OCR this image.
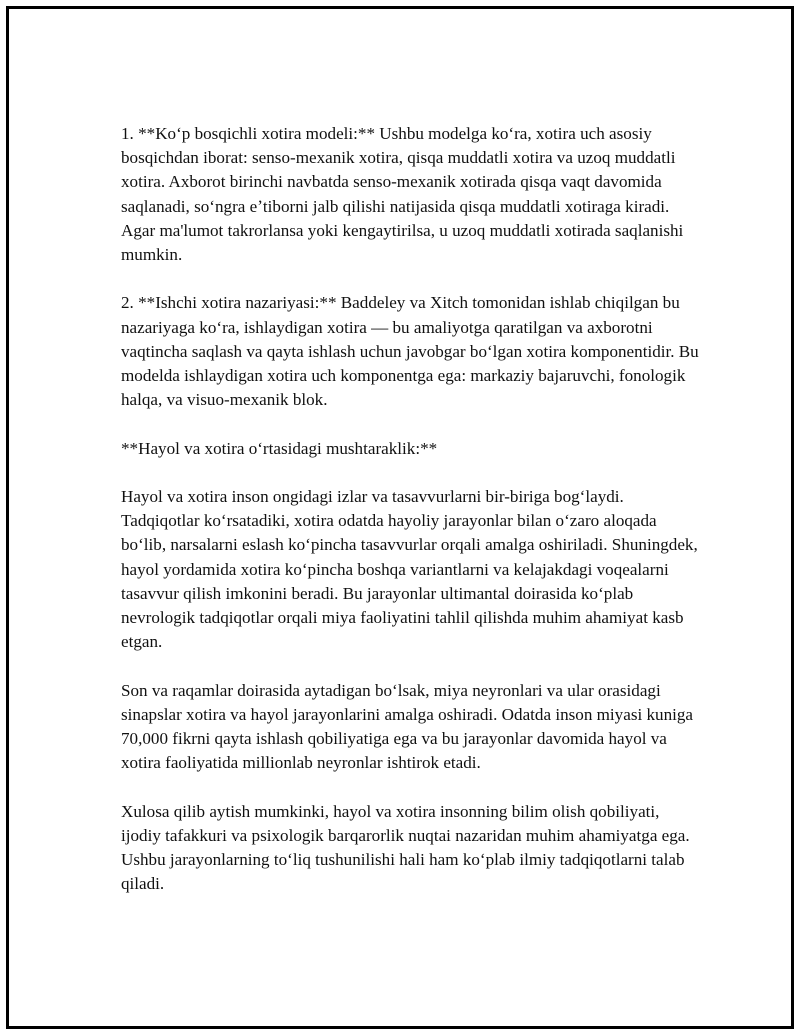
1. **Koʻp bosqichli xotira modeli:** Ushbu modelga koʻra, xotira uch asosiy bosqichdan iborat: senso-mexanik xotira, qisqa muddatli xotira va uzoq muddatli xotira. Axborot birinchi navbatda senso-mexanik xotirada qisqa vaqt davomida saqlanadi, soʻngra eʼtiborni jalb qilishi natijasida qisqa muddatli xotiraga kiradi. Agar ma'lumot takrorlansa yoki kengaytirilsa, u uzoq muddatli xotirada saqlanishi mumkin.

2. **Ishchi xotira nazariyasi:** Baddeley va Xitch tomonidan ishlab chiqilgan bu nazariyaga koʻra, ishlaydigan xotira — bu amaliyotga qaratilgan va axborotni vaqtincha saqlash va qayta ishlash uchun javobgar boʻlgan xotira komponentidir. Bu modelda ishlaydigan xotira uch komponentga ega: markaziy bajaruvchi, fonologik halqa, va visuo-mexanik blok.

**Hayol va xotira oʻrtasidagi mushtaraklik:**

Hayol va xotira inson ongidagi izlar va tasavvurlarni bir-biriga bogʻlaydi. Tadqiqotlar koʻrsatadiki, xotira odatda hayoliy jarayonlar bilan oʻzaro aloqada boʻlib, narsalarni eslash koʻpincha tasavvurlar orqali amalga oshiriladi. Shuningdek, hayol yordamida xotira koʻpincha boshqa variantlarni va kelajakdagi voqealarni tasavvur qilish imkonini beradi. Bu jarayonlar ultimantal doirasida koʻplab nevrologik tadqiqotlar orqali miya faoliyatini tahlil qilishda muhim ahamiyat kasb etgan.

Son va raqamlar doirasida aytadigan boʻlsak, miya neyronlari va ular orasidagi sinapslar xotira va hayol jarayonlarini amalga oshiradi. Odatda inson miyasi kuniga 70,000 fikrni qayta ishlash qobiliyatiga ega va bu jarayonlar davomida hayol va xotira faoliyatida millionlab neyronlar ishtirok etadi.

Xulosa qilib aytish mumkinki, hayol va xotira insonning bilim olish qobiliyati, ijodiy tafakkuri va psixologik barqarorlik nuqtai nazaridan muhim ahamiyatga ega. Ushbu jarayonlarning toʻliq tushunilishi hali ham koʻplab ilmiy tadqiqotlarni talab qiladi.
